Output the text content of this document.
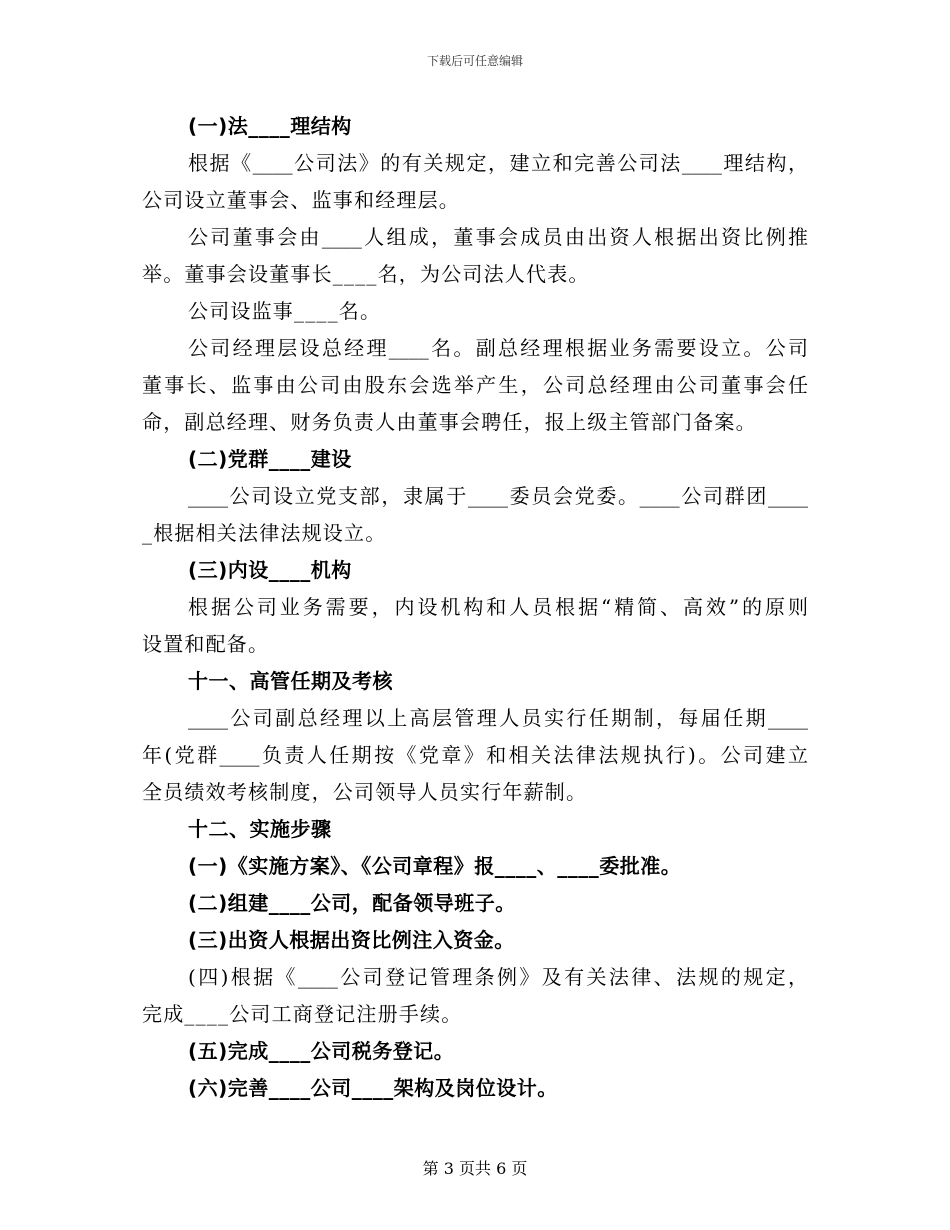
下载后可任意编辑
(一)法____理结构
根据《____公司法》的有关规定，建立和完善公司法____理结构，
公司设立董事会、监事和经理层。
公司董事会由____人组成，董事会成员由出资人根据出资比例推
举。董事会设董事长____名，为公司法人代表。
公司设监事____名。
公司经理层设总经理____名。副总经理根据业务需要设立。公司
董事长、监事由公司由股东会选举产生，公司总经理由公司董事会任
命，副总经理、财务负责人由董事会聘任，报上级主管部门备案。
(二)党群____建设
____公司设立党支部，隶属于____委员会党委。____公司群团____
_根据相关法律法规设立。
(三)内设____机构
根据公司业务需要，内设机构和人员根据“精简、高效”的原则
设置和配备。
十一、高管任期及考核
____公司副总经理以上高层管理人员实行任期制，每届任期____
年(党群____负责人任期按《党章》和相关法律法规执行)。公司建立
全员绩效考核制度，公司领导人员实行年薪制。
十二、实施步骤
(一)《实施方案》、《公司章程》报____、____委批准。
(二)组建____公司，配备领导班子。
(三)出资人根据出资比例注入资金。
(四)根据《____公司登记管理条例》及有关法律、法规的规定，
完成____公司工商登记注册手续。
(五)完成____公司税务登记。
(六)完善____公司____架构及岗位设计。
第 3 页共 6 页
